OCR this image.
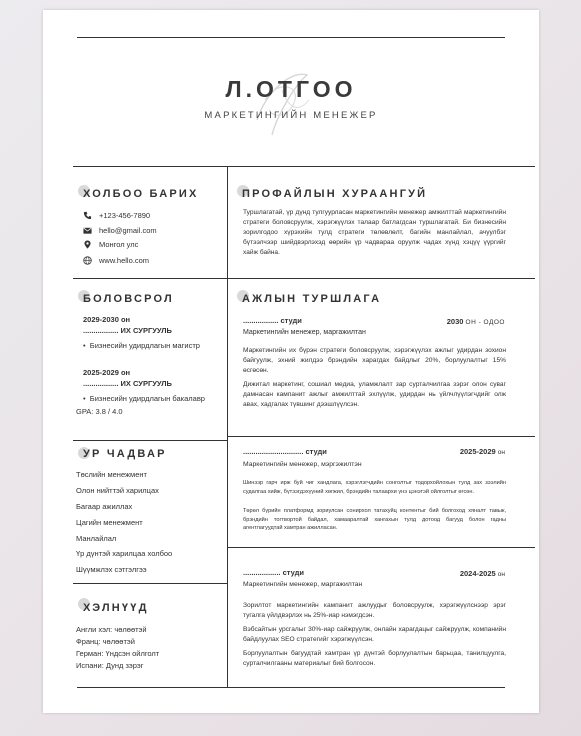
Л.ОТГОО
МАРКЕТИНГИЙН МЕНЕЖЕР
ХОЛБОО БАРИХ
+123-456-7890
hello@gmail.com
Монгол улс
www.hello.com
ПРОФАЙЛЫН ХУРААНГУЙ
Туршлагатай, үр дүнд тулгуурласан маркетингийн менежер амжилттай маркетингийн стратеги боловсруулж, хэрэгжүүлэх талаар батлагдсан туршлагатай. Би бизнесийн зорилгодоо хүрэхийн тулд стратеги төлөвлөлт, багийн манлайлал, ачуулбэг бүтээлчээр шийдвэрлэхэд өөрийн үр чадвараа оруулж чадах хүнд хэцүү үүргийг хайж байна.
БОЛОВСРОЛ
2029-2030 он
................. ИХ СУРГУУЛЬ
•  Бизнесийн удирдлагын магистр
2025-2029 он
................. ИХ СУРГУУЛЬ
•  Бизнесийн удирдлагын бакалавр
GPA: 3.8 / 4.0
УР ЧАДВАР
Төслийн менежмент
Олон нийттэй харилцах
Багаар ажиллах
Цагийн менежмент
Манлайлал
Үр дүнтэй харилцаа холбоо
Шүүмжлэх сэтгэлгээ
ХЭЛНҮҮД
Англи хэл: чөлөөтэй
Франц: чөлөөтэй
Герман: Үндсэн ойлголт
Испани: Дунд зэрэг
АЖЛЫН ТУРШЛАГА
................. студи	2030 ОН - ОДОО
Маркетингийн менежер, маргажилтан
Маркетингийн их бүрэн стратеги боловсруулж, хэрэгжүүлэх ажлыг удирдан зохион байгуулж, эхний жилдээ брэндийн харагдах байдлыг 20%, борлуулалтыг 15% өсгөсөн.
Дижитал маркетинг, сошиал медиа, уламжлалт зар сурталчилгаа зэрэг олон суваг дамнасан кампанит ажлыг амжилттай эхлүүлж, удирдан нь үйлчлүүлэгчдийг олж авах, хадгалах түвшинг дээшлүүлсэн.
............................. студи	2025-2029 он
Маркетингийн менежер, мэргэжилтэн
Шинээр гарч ирж буй чиг хандлага, хэрэглэгчдийн сонголтыг тодорхойлохын тулд зах зээлийн судалгаа хийж, бүтээгдэхүүний хөгжил, брэндийн талаархи үнэ цэнэтэй ойлголтыг өгсөн.
Төрөл бүрийн платформд зориулсан сонирхол татахуйц контентыг бий болгоход хяналт тавьж, брэндийн тогтвортой байдал, хамааралтай хангахын тулд дотоод багууд болон гадны агентлагуудтай хамтран ажилласан.
.................. студи	2024-2025 он
Маркетингийн менежер, маргажилтан
Зорилтот маркетингийн кампанит ажлуудыг боловсруулж, хэрэгжүүлснээр эрэг тугалга үйлдвэрлэх нь 25%-иар нэмэгдсэн.
Вэбсайтын урсгалыг 30%-иар сайжруулж, онлайн харагдацыг сайжруулж, компанийн байдлуулах SEO стратегийг хэрэгжүүлсэн.
Борлуулалтын багуудтай хамтран үр дүнтэй борлуулалтын барьцаа, танилцуулга, сурталчилгааны материалыг бий болгосон.
